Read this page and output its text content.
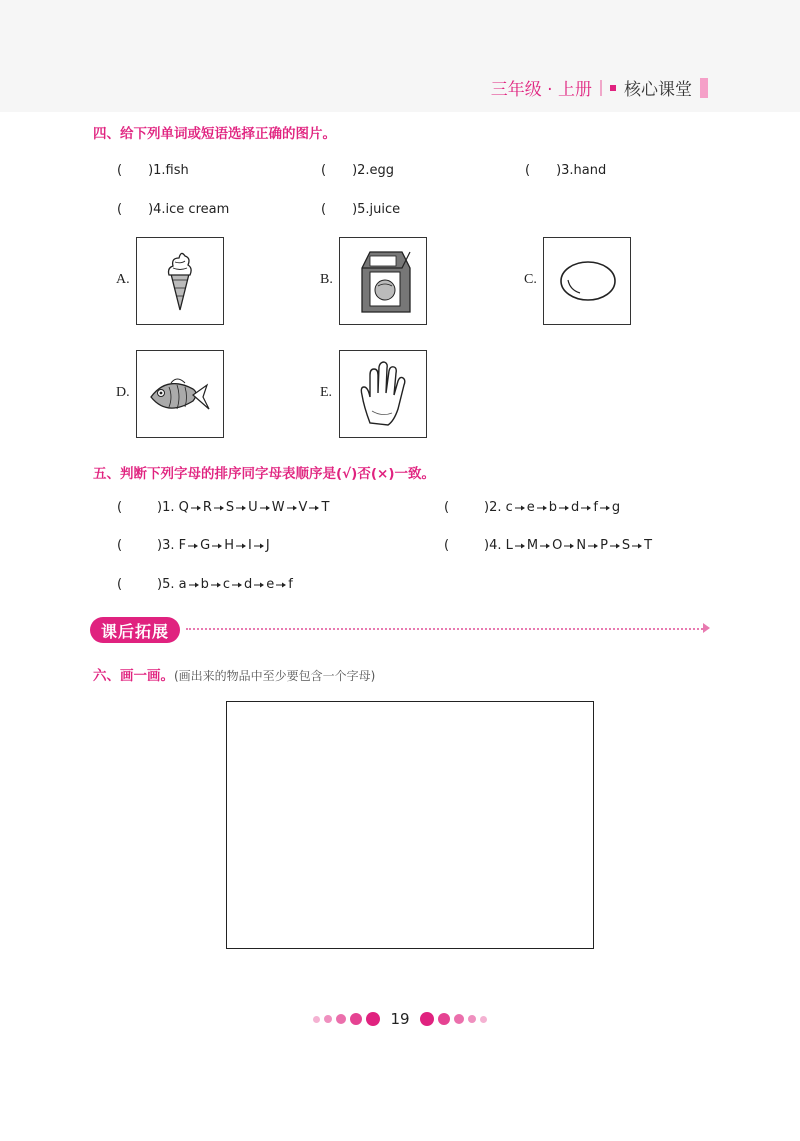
三年级 · 上册 核心课堂
四、给下列单词或短语选择正确的图片。
(　　)1.fish	(　　)2.egg	(　　)3.hand
(　　)4.ice cream	(　　)5.juice
A.	B.	C.
D.	E.
五、判断下列字母的排序同字母表顺序是(√)否(×)一致。
(	)1. Q R S U W V T	(	)2. c e b d f g
(	)3. F G H I J	(	)4. L M O N P S T
(	)5. a b c d e f
课后拓展
六、画一画。(画出来的物品中至少要包含一个字母)
19
